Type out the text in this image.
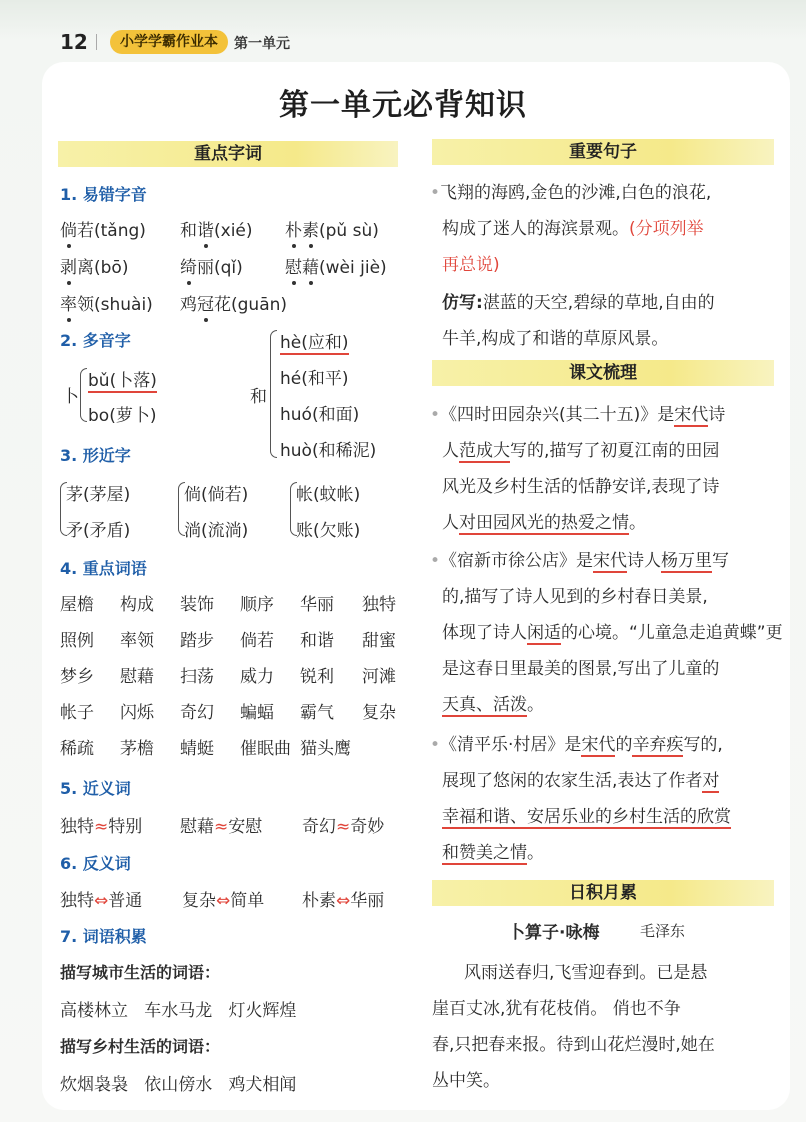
12	小学学霸作业本	第一单元
第一单元必背知识
重点字词
1. 易错字音
倘若(tǎng) 和谐(xié) 朴素(pǔ sù)
剥离(bō)	绮丽(qǐ) 慰藉(wèi jiè)
率领(shuài) 鸡冠花(guān)
2. 多音字
卜
bǔ(卜落)
bo(萝卜)
和
hè(应和)
hé(和平)
huó(和面)
huò(和稀泥)
3. 形近字
茅(茅屋)
矛(矛盾)
倘(倘若)
淌(流淌)
帐(蚊帐)
账(欠账)
4. 重点词语
屋檐 构成 装饰 顺序 华丽 独特
照例 率领 踏步 倘若 和谐 甜蜜
梦乡 慰藉 扫荡 威力 锐利 河滩
帐子 闪烁 奇幻 蝙蝠 霸气 复杂
稀疏 茅檐 蜻蜓 催眠曲 猫头鹰
5. 近义词
独特≈特别 慰藉≈安慰 奇幻≈奇妙
6. 反义词
独特⇔普通 复杂⇔简单 朴素⇔华丽
7. 词语积累
描写城市生活的词语：
高楼林立 车水马龙 灯火辉煌
描写乡村生活的词语：
炊烟袅袅 依山傍水 鸡犬相闻
重要句子
•飞翔的海鸥,金色的沙滩,白色的浪花,
构成了迷人的海滨景观。(分项列举
再总说)
仿写:湛蓝的天空,碧绿的草地,自由的
牛羊,构成了和谐的草原风景。
课文梳理
•《四时田园杂兴(其二十五)》是宋代诗
人范成大写的,描写了初夏江南的田园
风光及乡村生活的恬静安详,表现了诗
人对田园风光的热爱之情。
•《宿新市徐公店》是宋代诗人杨万里写
的,描写了诗人见到的乡村春日美景,
体现了诗人闲适的心境。“儿童急走追黄蝶”更
是这春日里最美的图景,写出了儿童的
天真、活泼。
•《清平乐·村居》是宋代的辛弃疾写的,
展现了悠闲的农家生活,表达了作者对
幸福和谐、安居乐业的乡村生活的欣赏
和赞美之情。
日积月累
卜算子·咏梅	毛泽东
风雨送春归,飞雪迎春到。已是悬
崖百丈冰,犹有花枝俏。 俏也不争
春,只把春来报。待到山花烂漫时,她在
丛中笑。
